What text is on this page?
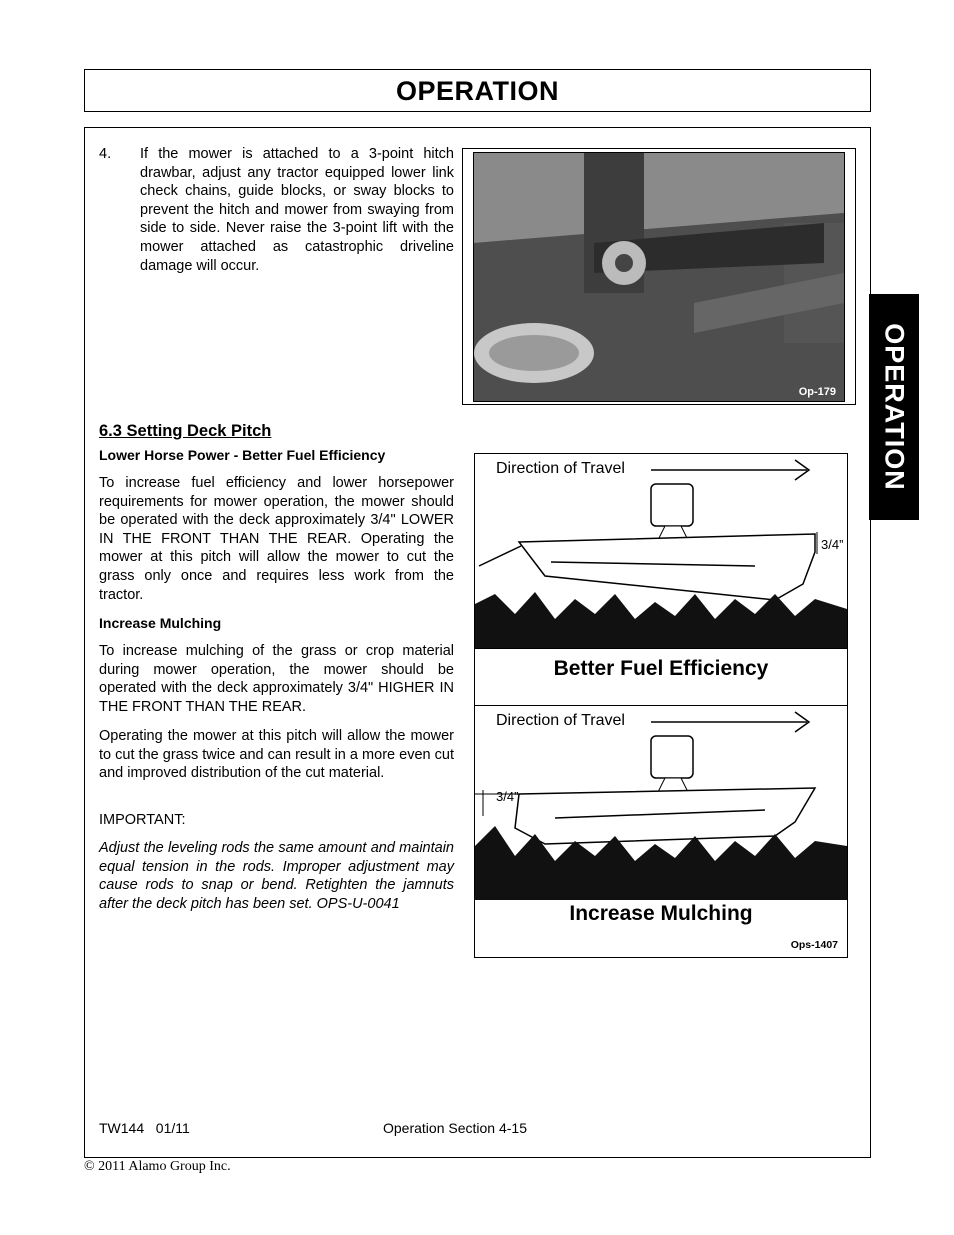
OPERATION
OPERATION
4. If the mower is attached to a 3-point hitch drawbar, adjust any tractor equipped lower link check chains, guide blocks, or sway blocks to prevent the hitch and mower from swaying from side to side. Never raise the 3-point lift with the mower attached as catastrophic driveline damage will occur.
Op-179
6.3 Setting Deck Pitch
Lower Horse Power - Better Fuel Efficiency
To increase fuel efficiency and lower horsepower requirements for mower operation, the mower should be operated with the deck approximately 3/4" LOWER IN THE FRONT THAN THE REAR. Operating the mower at this pitch will allow the mower to cut the grass only once and requires less work from the tractor.
Increase Mulching
To increase mulching of the grass or crop material during mower operation, the mower should be operated with the deck approximately 3/4" HIGHER IN THE FRONT THAN THE REAR.
Operating the mower at this pitch will allow the mower to cut the grass twice and can result in a more even cut and improved distribution of the cut material.
IMPORTANT:
Adjust the leveling rods the same amount and maintain equal tension in the rods. Improper adjustment may cause rods to snap or bend. Retighten the jamnuts after the deck pitch has been set. OPS-U-0041
Direction of Travel
3/4”
Better Fuel Efficiency
Direction of Travel
3/4”
Increase Mulching
Ops-1407
TW144   01/11	Operation Section 4-15
© 2011 Alamo Group Inc.
